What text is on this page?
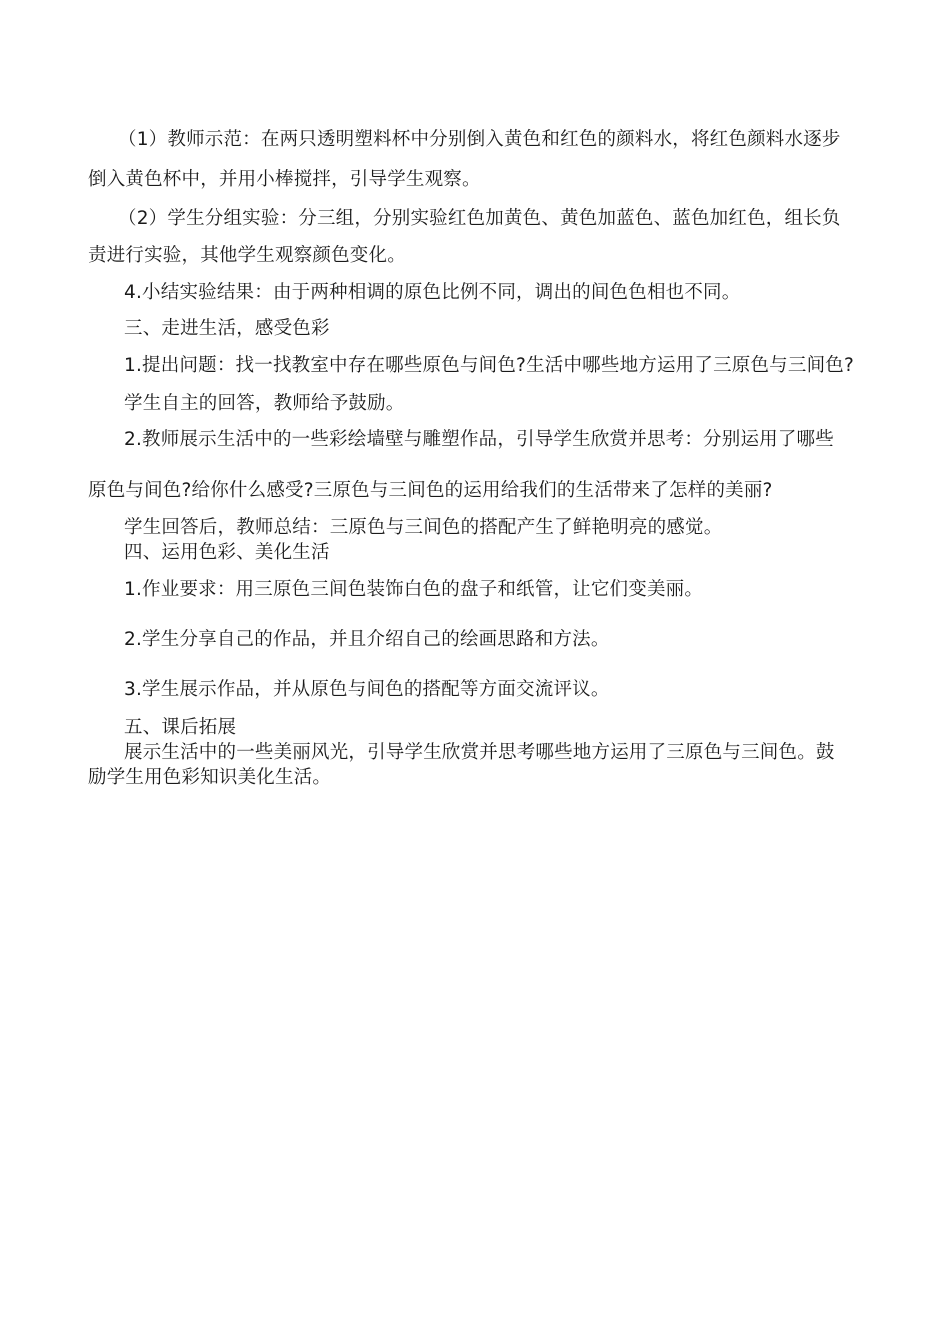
（1）教师示范：在两只透明塑料杯中分别倒入黄色和红色的颜料水，将红色颜料水逐步

倒入黄色杯中，并用小棒搅拌，引导学生观察。

（2）学生分组实验：分三组，分别实验红色加黄色、黄色加蓝色、蓝色加红色，组长负

责进行实验，其他学生观察颜色变化。

4.小结实验结果：由于两种相调的原色比例不同，调出的间色色相也不同。

三、走进生活，感受色彩

1.提出问题：找一找教室中存在哪些原色与间色?生活中哪些地方运用了三原色与三间色?

学生自主的回答，教师给予鼓励。

2.教师展示生活中的一些彩绘墙壁与雕塑作品，引导学生欣赏并思考：分别运用了哪些

原色与间色?给你什么感受?三原色与三间色的运用给我们的生活带来了怎样的美丽?

学生回答后，教师总结：三原色与三间色的搭配产生了鲜艳明亮的感觉。

四、运用色彩、美化生活

1.作业要求：用三原色三间色装饰白色的盘子和纸管，让它们变美丽。

2.学生分享自己的作品，并且介绍自己的绘画思路和方法。

3.学生展示作品，并从原色与间色的搭配等方面交流评议。

五、课后拓展

展示生活中的一些美丽风光，引导学生欣赏并思考哪些地方运用了三原色与三间色。鼓

励学生用色彩知识美化生活。
